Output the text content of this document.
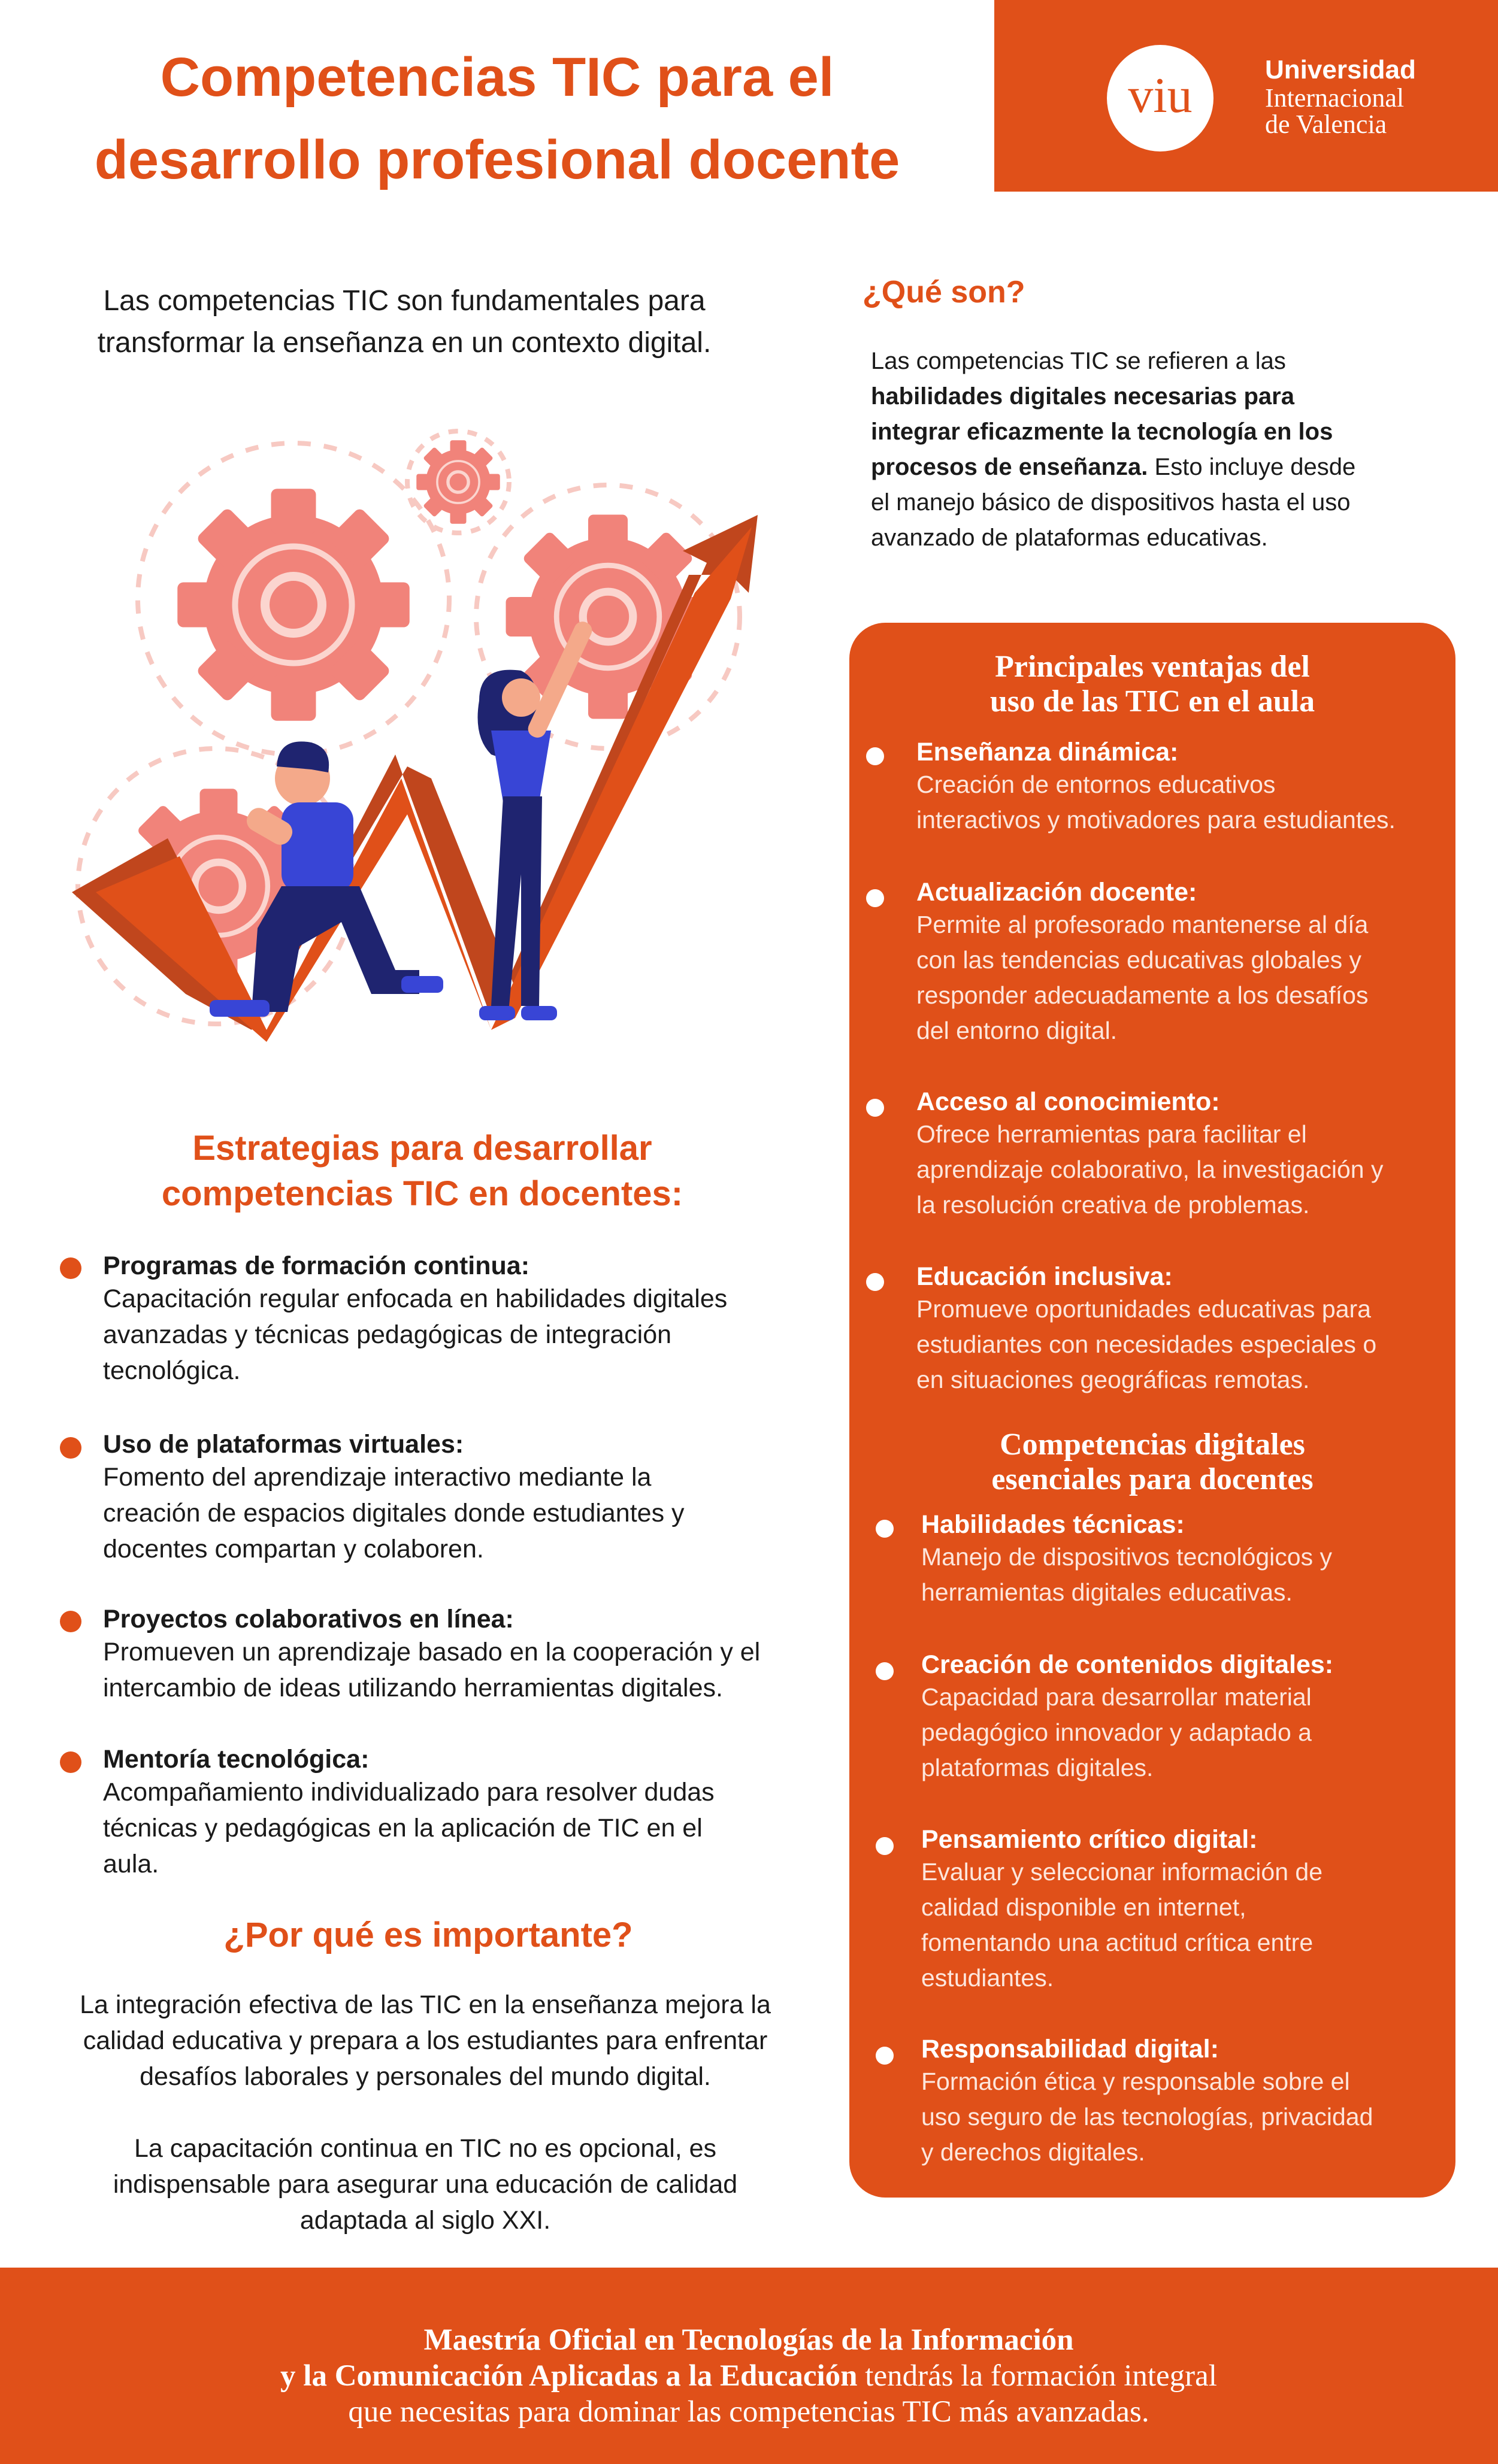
Competencias TIC para el
desarrollo profesional docente
viu	Universidad
Internacional
de Valencia
Las competencias TIC son fundamentales para
transformar la enseñanza en un contexto digital.
¿Qué son?
Las competencias TIC se refieren a las
habilidades digitales necesarias para
integrar eficazmente la tecnología en los
procesos de enseñanza. Esto incluye desde
el manejo básico de dispositivos hasta el uso
avanzado de plataformas educativas.
Estrategias para desarrollar
competencias TIC en docentes:
Programas de formación continua:
Capacitación regular enfocada en habilidades digitales
avanzadas y técnicas pedagógicas de integración
tecnológica.
Uso de plataformas virtuales:
Fomento del aprendizaje interactivo mediante la
creación de espacios digitales donde estudiantes y
docentes compartan y colaboren.
Proyectos colaborativos en línea:
Promueven un aprendizaje basado en la cooperación y el
intercambio de ideas utilizando herramientas digitales.
Mentoría tecnológica:
Acompañamiento individualizado para resolver dudas
técnicas y pedagógicas en la aplicación de TIC en el
aula.
¿Por qué es importante?
La integración efectiva de las TIC en la enseñanza mejora la
calidad educativa y prepara a los estudiantes para enfrentar
desafíos laborales y personales del mundo digital.
La capacitación continua en TIC no es opcional, es
indispensable para asegurar una educación de calidad
adaptada al siglo XXI.
Principales ventajas del
uso de las TIC en el aula
Enseñanza dinámica:
Creación de entornos educativos
interactivos y motivadores para estudiantes.
Actualización docente:
Permite al profesorado mantenerse al día
con las tendencias educativas globales y
responder adecuadamente a los desafíos
del entorno digital.
Acceso al conocimiento:
Ofrece herramientas para facilitar el
aprendizaje colaborativo, la investigación y
la resolución creativa de problemas.
Educación inclusiva:
Promueve oportunidades educativas para
estudiantes con necesidades especiales o
en situaciones geográficas remotas.
Competencias digitales
esenciales para docentes
Habilidades técnicas:
Manejo de dispositivos tecnológicos y
herramientas digitales educativas.
Creación de contenidos digitales:
Capacidad para desarrollar material
pedagógico innovador y adaptado a
plataformas digitales.
Pensamiento crítico digital:
Evaluar y seleccionar información de
calidad disponible en internet,
fomentando una actitud crítica entre
estudiantes.
Responsabilidad digital:
Formación ética y responsable sobre el
uso seguro de las tecnologías, privacidad
y derechos digitales.
Maestría Oficial en Tecnologías de la Información
y la Comunicación Aplicadas a la Educación tendrás la formación integral
que necesitas para dominar las competencias TIC más avanzadas.
